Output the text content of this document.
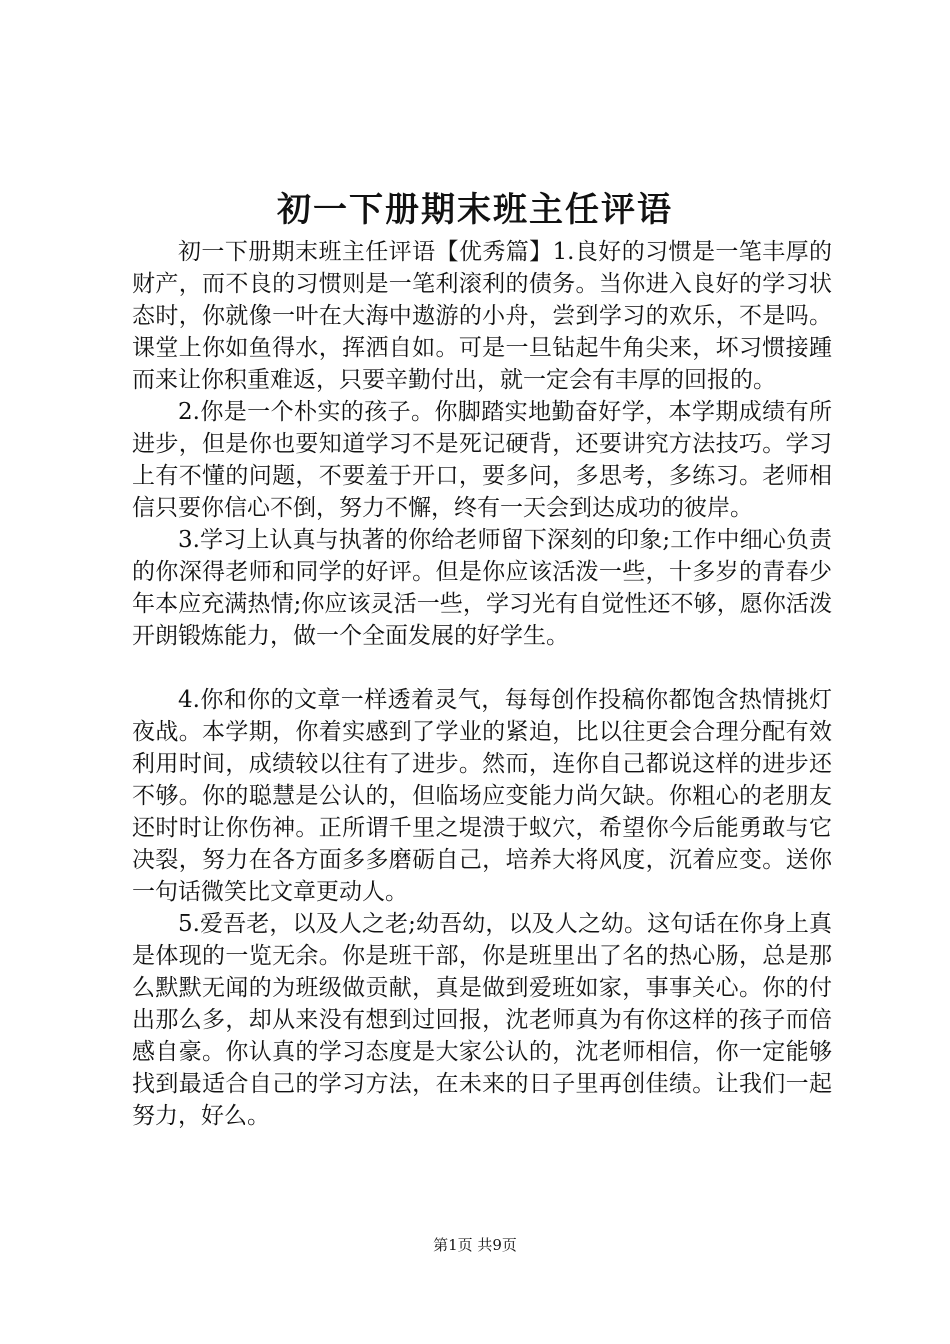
初一下册期末班主任评语

初一下册期末班主任评语【优秀篇】1.良好的习惯是一笔丰厚的财产，而不良的习惯则是一笔利滚利的债务。当你进入良好的学习状态时，你就像一叶在大海中遨游的小舟，尝到学习的欢乐，不是吗。课堂上你如鱼得水，挥洒自如。可是一旦钻起牛角尖来，坏习惯接踵而来让你积重难返，只要辛勤付出，就一定会有丰厚的回报的。

2.你是一个朴实的孩子。你脚踏实地勤奋好学，本学期成绩有所进步，但是你也要知道学习不是死记硬背，还要讲究方法技巧。学习上有不懂的问题，不要羞于开口，要多问，多思考，多练习。老师相信只要你信心不倒，努力不懈，终有一天会到达成功的彼岸。

3.学习上认真与执著的你给老师留下深刻的印象;工作中细心负责的你深得老师和同学的好评。但是你应该活泼一些，十多岁的青春少年本应充满热情;你应该灵活一些，学习光有自觉性还不够，愿你活泼开朗锻炼能力，做一个全面发展的好学生。

4.你和你的文章一样透着灵气，每每创作投稿你都饱含热情挑灯夜战。本学期，你着实感到了学业的紧迫，比以往更会合理分配有效利用时间，成绩较以往有了进步。然而，连你自己都说这样的进步还不够。你的聪慧是公认的，但临场应变能力尚欠缺。你粗心的老朋友还时时让你伤神。正所谓千里之堤溃于蚁穴，希望你今后能勇敢与它决裂，努力在各方面多多磨砺自己，培养大将风度，沉着应变。送你一句话微笑比文章更动人。

5.爱吾老，以及人之老;幼吾幼，以及人之幼。这句话在你身上真是体现的一览无余。你是班干部，你是班里出了名的热心肠，总是那么默默无闻的为班级做贡献，真是做到爱班如家，事事关心。你的付出那么多，却从来没有想到过回报，沈老师真为有你这样的孩子而倍感自豪。你认真的学习态度是大家公认的，沈老师相信，你一定能够找到最适合自己的学习方法，在未来的日子里再创佳绩。让我们一起努力，好么。

第1页 共9页
